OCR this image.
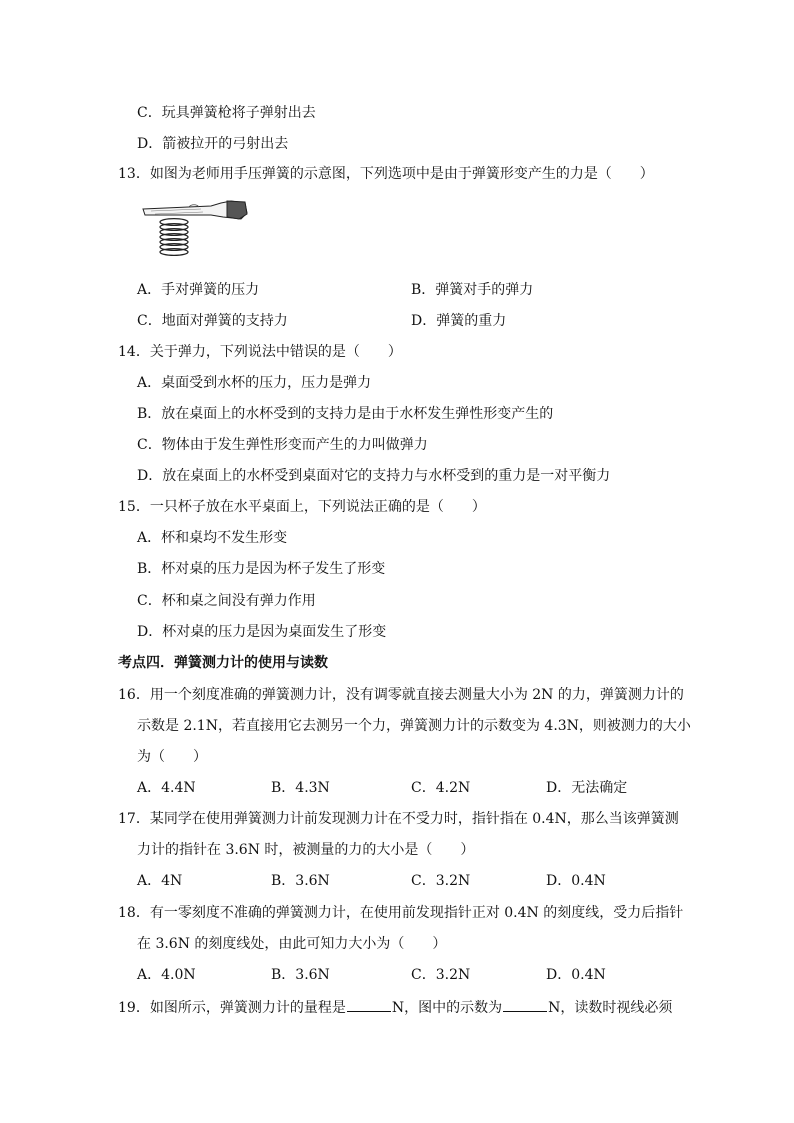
C．玩具弹簧枪将子弹射出去
D．箭被拉开的弓射出去
13．如图为老师用手压弹簧的示意图，下列选项中是由于弹簧形变产生的力是（　　）
A．手对弹簧的压力	B．弹簧对手的弹力
C．地面对弹簧的支持力	D．弹簧的重力
14．关于弹力，下列说法中错误的是（　　）
A．桌面受到水杯的压力，压力是弹力
B．放在桌面上的水杯受到的支持力是由于水杯发生弹性形变产生的
C．物体由于发生弹性形变而产生的力叫做弹力
D．放在桌面上的水杯受到桌面对它的支持力与水杯受到的重力是一对平衡力
15．一只杯子放在水平桌面上，下列说法正确的是（　　）
A．杯和桌均不发生形变
B．杯对桌的压力是因为杯子发生了形变
C．杯和桌之间没有弹力作用
D．杯对桌的压力是因为桌面发生了形变
考点四．弹簧测力计的使用与读数
16．用一个刻度准确的弹簧测力计，没有调零就直接去测量大小为 2N 的力，弹簧测力计的
示数是 2.1N，若直接用它去测另一个力，弹簧测力计的示数变为 4.3N，则被测力的大小
为（　　）
A．4.4N	B．4.3N	C．4.2N	D．无法确定
17．某同学在使用弹簧测力计前发现测力计在不受力时，指针指在 0.4N，那么当该弹簧测
力计的指针在 3.6N 时，被测量的力的大小是（　　）
A．4N	B．3.6N	C．3.2N	D．0.4N
18．有一零刻度不准确的弹簧测力计，在使用前发现指针正对 0.4N 的刻度线，受力后指针
在 3.6N 的刻度线处，由此可知力大小为（　　）
A．4.0N	B．3.6N	C．3.2N	D．0.4N
19．如图所示，弹簧测力计的量程是	N，图中的示数为	N，读数时视线必须
